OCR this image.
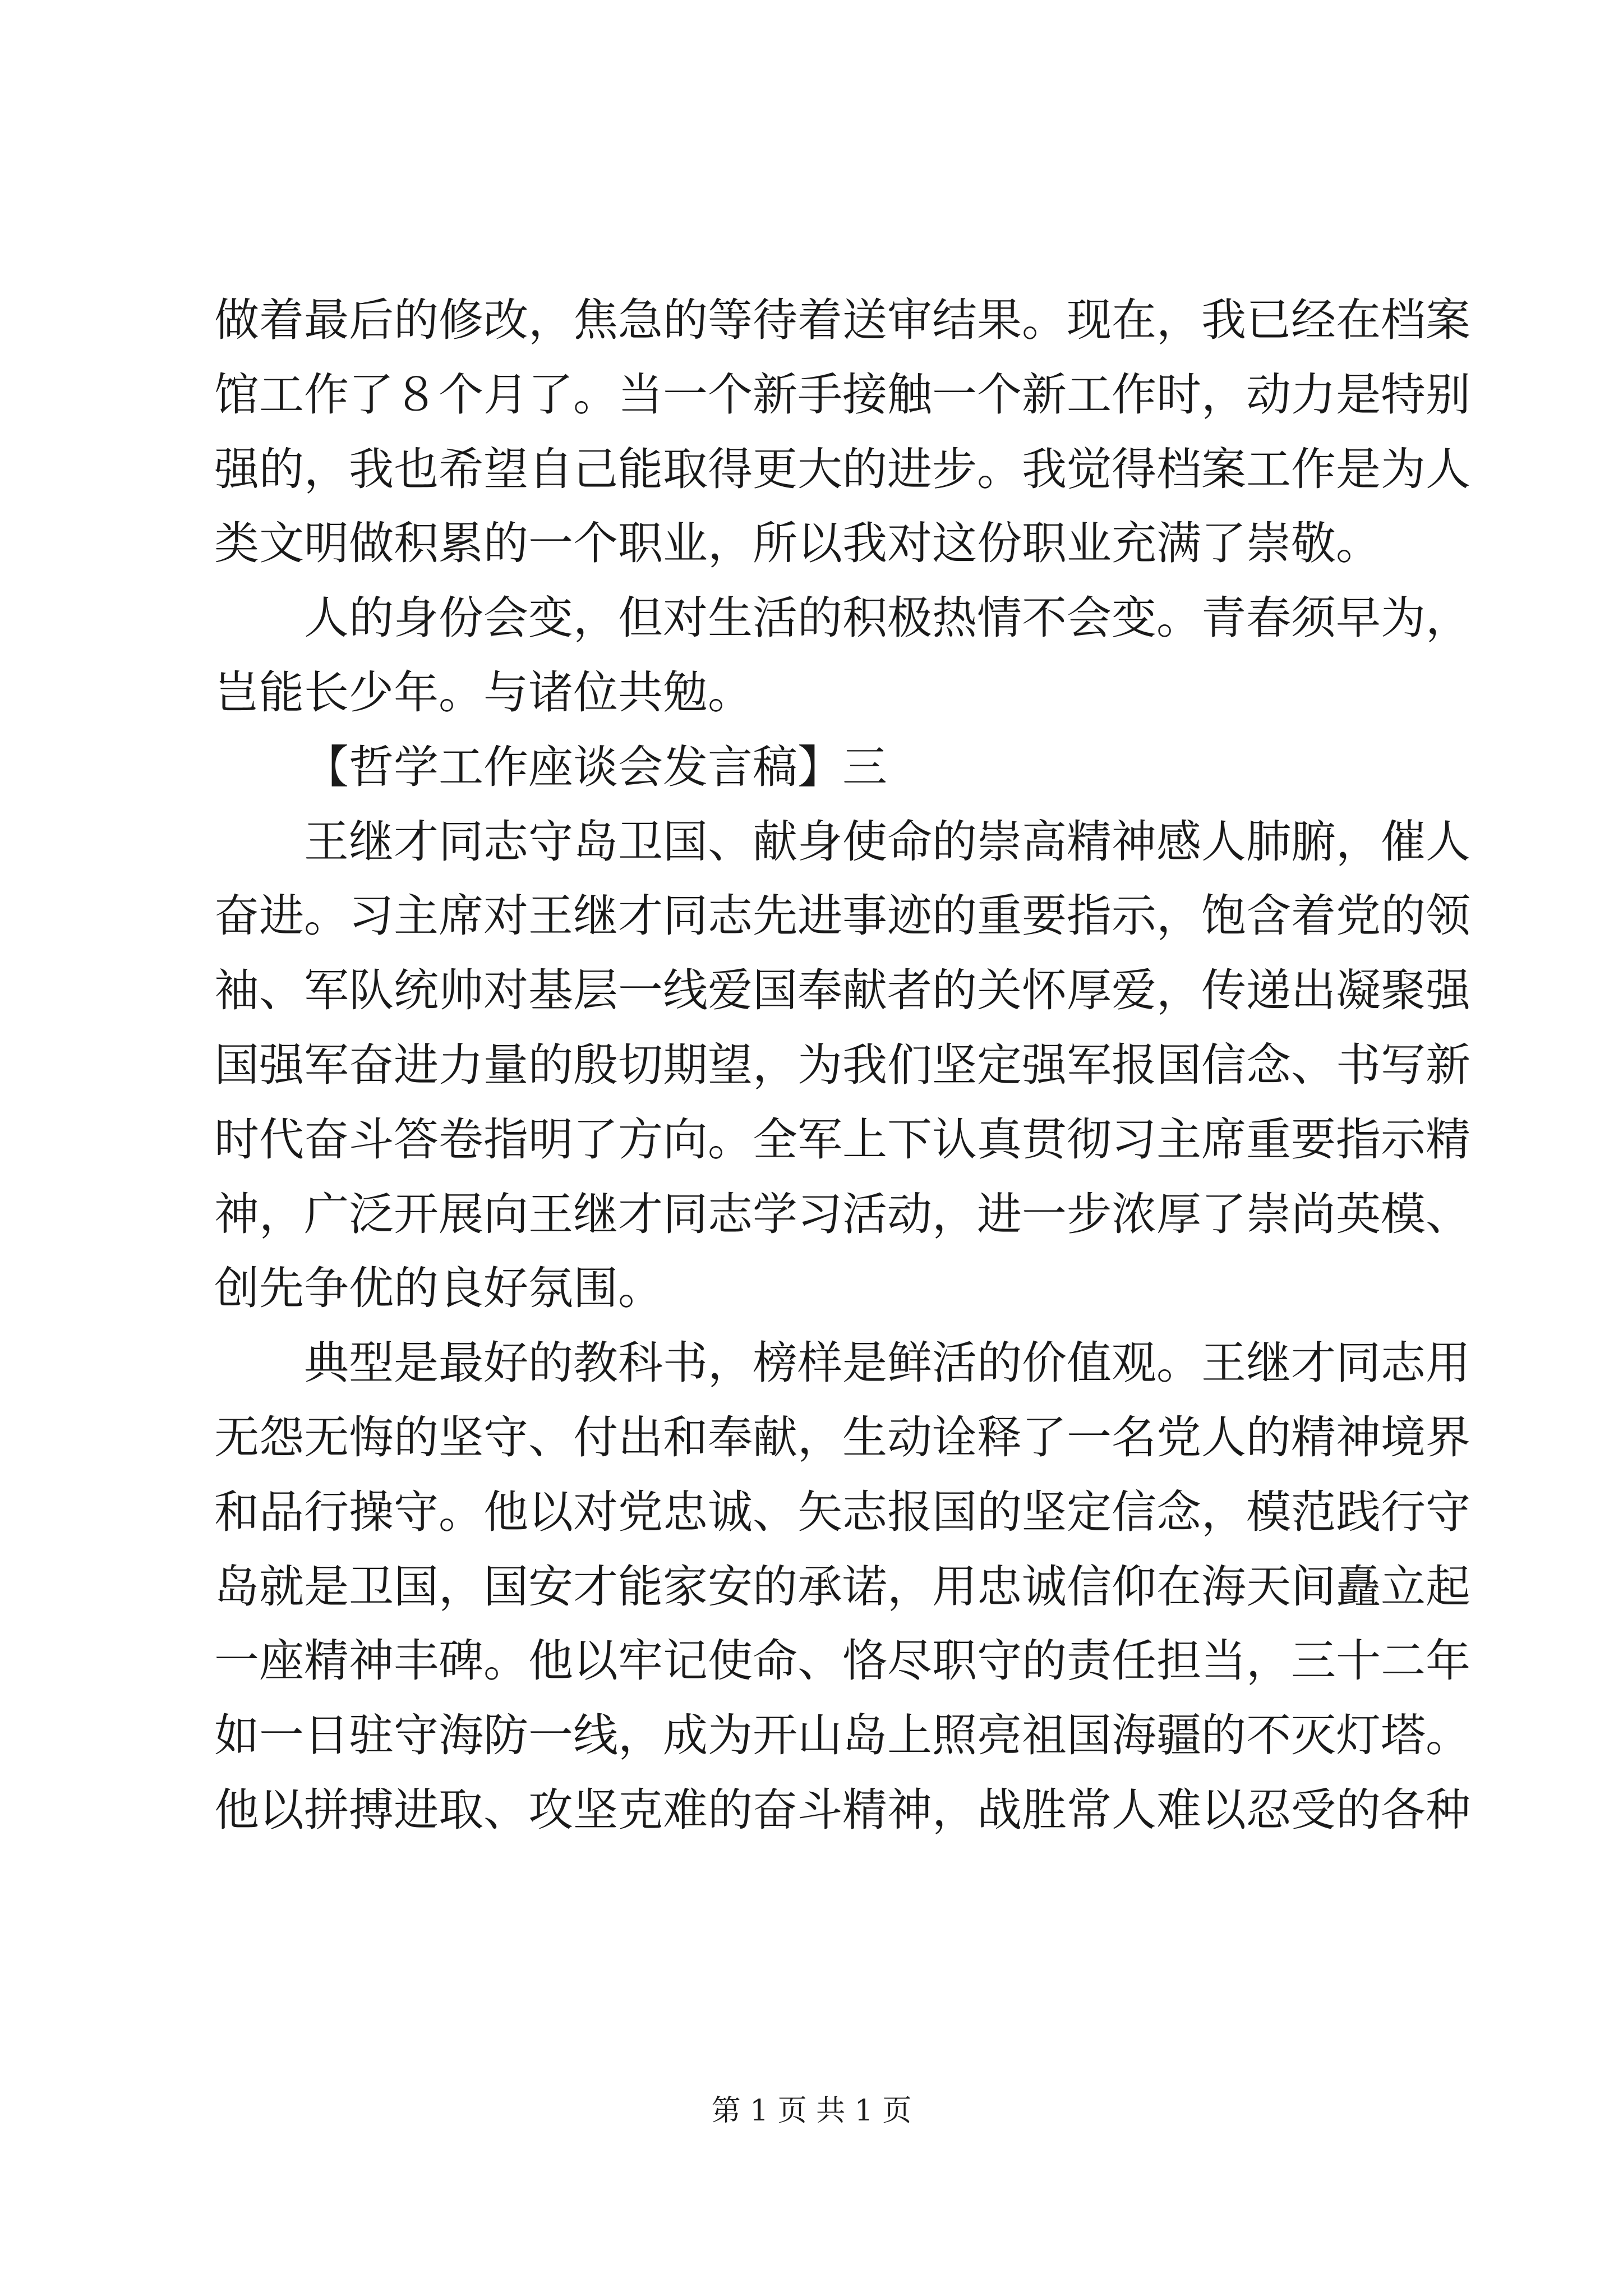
做着最后的修改，焦急的等待着送审结果。现在，我已经在档案
馆工作了８个月了。当一个新手接触一个新工作时，动力是特别
强的，我也希望自己能取得更大的进步。我觉得档案工作是为人
类文明做积累的一个职业，所以我对这份职业充满了崇敬。
人的身份会变，但对生活的积极热情不会变。青春须早为，
岂能长少年。与诸位共勉。
【哲学工作座谈会发言稿】三
王继才同志守岛卫国、献身使命的崇高精神感人肺腑，催人
奋进。习主席对王继才同志先进事迹的重要指示，饱含着党的领
袖、军队统帅对基层一线爱国奉献者的关怀厚爱，传递出凝聚强
国强军奋进力量的殷切期望，为我们坚定强军报国信念、书写新
时代奋斗答卷指明了方向。全军上下认真贯彻习主席重要指示精
神，广泛开展向王继才同志学习活动，进一步浓厚了崇尚英模、
创先争优的良好氛围。
典型是最好的教科书，榜样是鲜活的价值观。王继才同志用
无怨无悔的坚守、付出和奉献，生动诠释了一名党人的精神境界
和品行操守。他以对党忠诚、矢志报国的坚定信念，模范践行守
岛就是卫国，国安才能家安的承诺，用忠诚信仰在海天间矗立起
一座精神丰碑。他以牢记使命、恪尽职守的责任担当，三十二年
如一日驻守海防一线，成为开山岛上照亮祖国海疆的不灭灯塔。
他以拼搏进取、攻坚克难的奋斗精神，战胜常人难以忍受的各种
第 1 页 共 1 页
